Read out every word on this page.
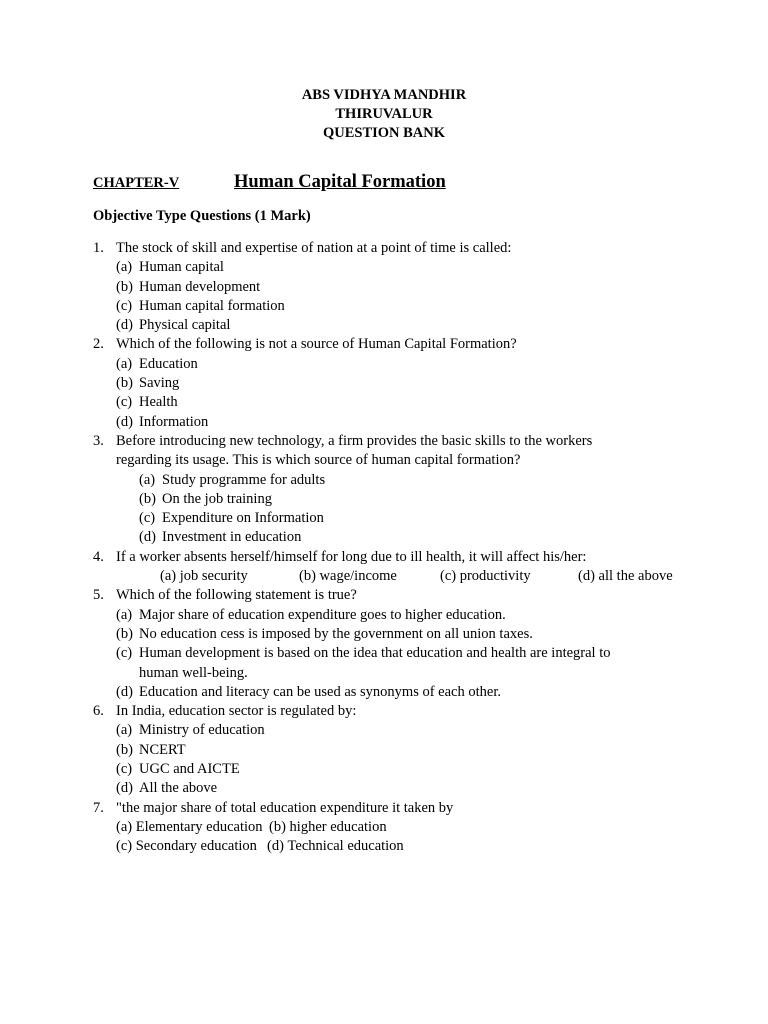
ABS VIDHYA MANDHIR
THIRUVALUR
QUESTION BANK
CHAPTER-V	Human Capital Formation
Objective Type Questions (1 Mark)
1. The stock of skill and expertise of nation at a point of time is called:
(a) Human capital
(b) Human development
(c) Human capital formation
(d) Physical capital
2. Which of the following is not a source of Human Capital Formation?
(a) Education
(b) Saving
(c) Health
(d) Information
3. Before introducing new technology, a firm provides the basic skills to the workers
regarding its usage. This is which source of human capital formation?
(a) Study programme for adults
(b) On the job training
(c) Expenditure on Information
(d) Investment in education
4. If a worker absents herself/himself for long due to ill health, it will affect his/her:
(a) job security	(b) wage/income	(c) productivity	(d) all the above
5. Which of the following statement is true?
(a) Major share of education expenditure goes to higher education.
(b) No education cess is imposed by the government on all union taxes.
(c) Human development is based on the idea that education and health are integral to
human well-being.
(d) Education and literacy can be used as synonyms of each other.
6. In India, education sector is regulated by:
(a) Ministry of education
(b) NCERT
(c) UGC and AICTE
(d) All the above
7. "the major share of total education expenditure it taken by
(a) Elementary education (b) higher education
(c) Secondary education (d) Technical education
